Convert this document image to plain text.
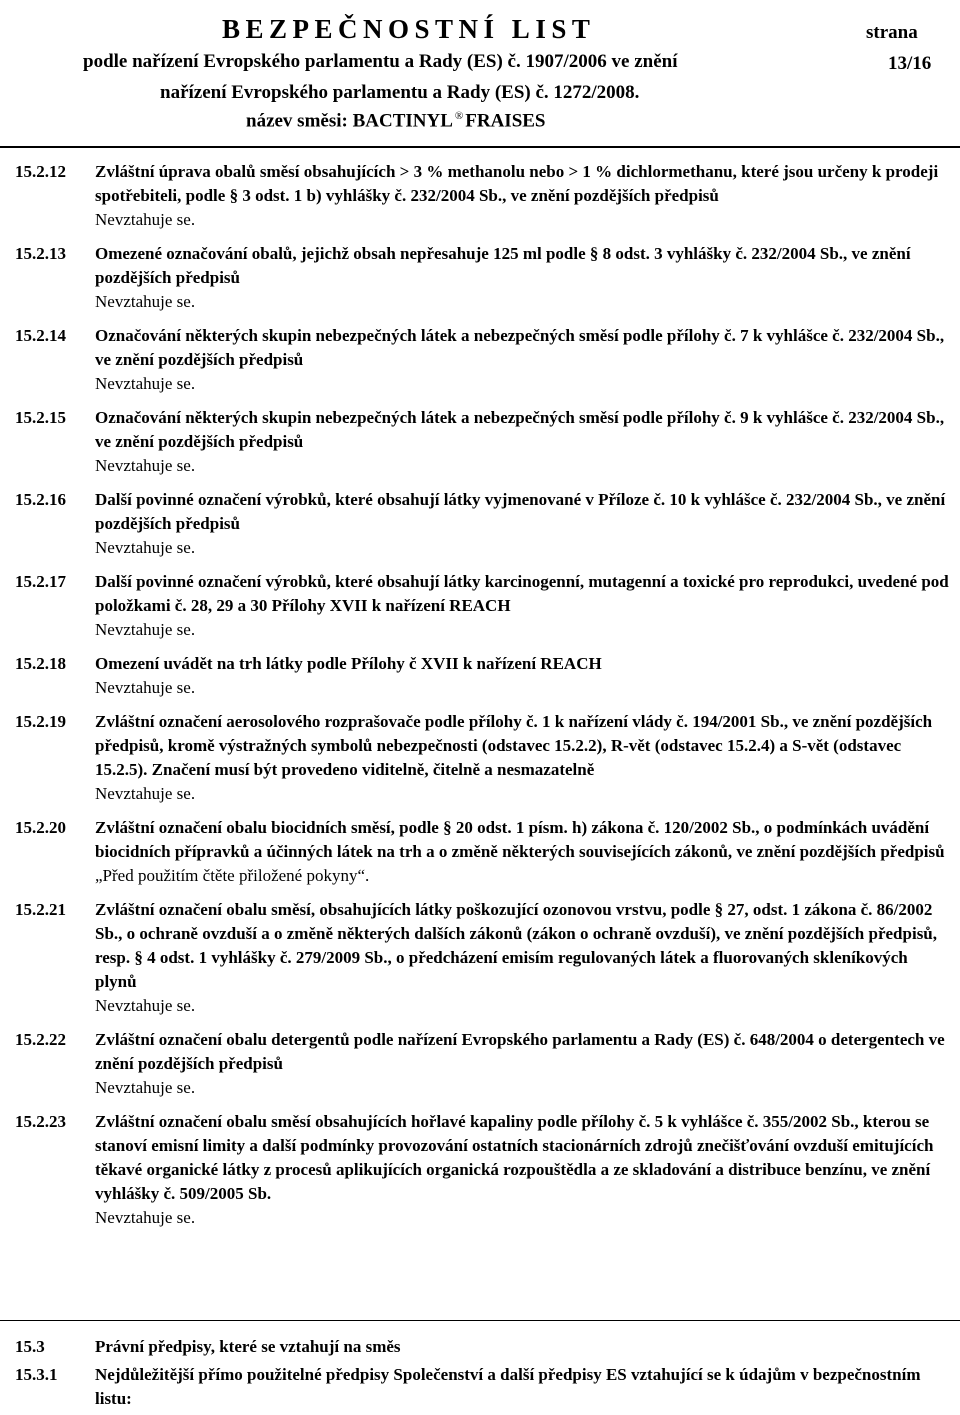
BEZPEČNOSTNÍ LIST
podle nařízení Evropského parlamentu a Rady (ES) č. 1907/2006 ve znění
nařízení Evropského parlamentu a Rady (ES) č. 1272/2008.
název směsi: BACTINYL ® FRAISES
strana
13/16
15.2.12 Zvláštní úprava obalů směsí obsahujících > 3 % methanolu nebo > 1 % dichlormethanu, které jsou určeny k prodeji spotřebiteli, podle § 3 odst. 1 b) vyhlášky č. 232/2004 Sb., ve znění pozdějších předpisů
Nevztahuje se.
15.2.13 Omezené označování obalů, jejichž obsah nepřesahuje 125 ml podle § 8 odst. 3 vyhlášky č. 232/2004 Sb., ve znění pozdějších předpisů
Nevztahuje se.
15.2.14 Označování některých skupin nebezpečných látek a nebezpečných směsí podle přílohy č. 7 k vyhlášce č. 232/2004 Sb., ve znění pozdějších předpisů
Nevztahuje se.
15.2.15 Označování některých skupin nebezpečných látek a nebezpečných směsí podle přílohy č. 9 k vyhlášce č. 232/2004 Sb., ve znění pozdějších předpisů
Nevztahuje se.
15.2.16 Další povinné označení výrobků, které obsahují látky vyjmenované v Příloze č. 10 k vyhlášce č. 232/2004 Sb., ve znění pozdějších předpisů
Nevztahuje se.
15.2.17 Další povinné označení výrobků, které obsahují látky karcinogenní, mutagenní a toxické pro reprodukci, uvedené pod položkami č. 28, 29 a 30 Přílohy XVII k nařízení REACH
Nevztahuje se.
15.2.18 Omezení uvádět na trh látky podle Přílohy č XVII k nařízení REACH
Nevztahuje se.
15.2.19 Zvláštní označení aerosolového rozprašovače podle přílohy č. 1 k nařízení vlády č. 194/2001 Sb., ve znění pozdějších předpisů, kromě výstražných symbolů nebezpečnosti (odstavec 15.2.2), R-vět (odstavec 15.2.4) a S-vět (odstavec 15.2.5). Značení musí být provedeno viditelně, čitelně a nesmazatelně
Nevztahuje se.
15.2.20 Zvláštní označení obalu biocidních směsí, podle § 20 odst. 1 písm. h) zákona č. 120/2002 Sb., o podmínkách uvádění biocidních přípravků a účinných látek na trh a o změně některých souvisejících zákonů, ve znění pozdějších předpisů
„Před použitím čtěte přiložené pokyny“.
15.2.21 Zvláštní označení obalu směsí, obsahujících látky poškozující ozonovou vrstvu, podle § 27, odst. 1 zákona č. 86/2002 Sb., o ochraně ovzduší a o změně některých dalších zákonů (zákon o ochraně ovzduší), ve znění pozdějších předpisů, resp. § 4 odst. 1 vyhlášky č. 279/2009 Sb., o předcházení emisím regulovaných látek a fluorovaných skleníkových plynů
Nevztahuje se.
15.2.22 Zvláštní označení obalu detergentů podle nařízení Evropského parlamentu a Rady (ES) č. 648/2004 o detergentech ve znění pozdějších předpisů
Nevztahuje se.
15.2.23 Zvláštní označení obalu směsí obsahujících hořlavé kapaliny podle přílohy č. 5 k vyhlášce č. 355/2002 Sb., kterou se stanoví emisní limity a další podmínky provozování ostatních stacionárních zdrojů znečišťování ovzduší emitujících těkavé organické látky z procesů aplikujících organická rozpouštědla a ze skladování a distribuce benzínu, ve znění vyhlášky č. 509/2005 Sb.
Nevztahuje se.
15.3	Právní předpisy, které se vztahují na směs
15.3.1 Nejdůležitější přímo použitelné předpisy Společenství a další předpisy ES vztahující se k údajům v bezpečnostním listu:
